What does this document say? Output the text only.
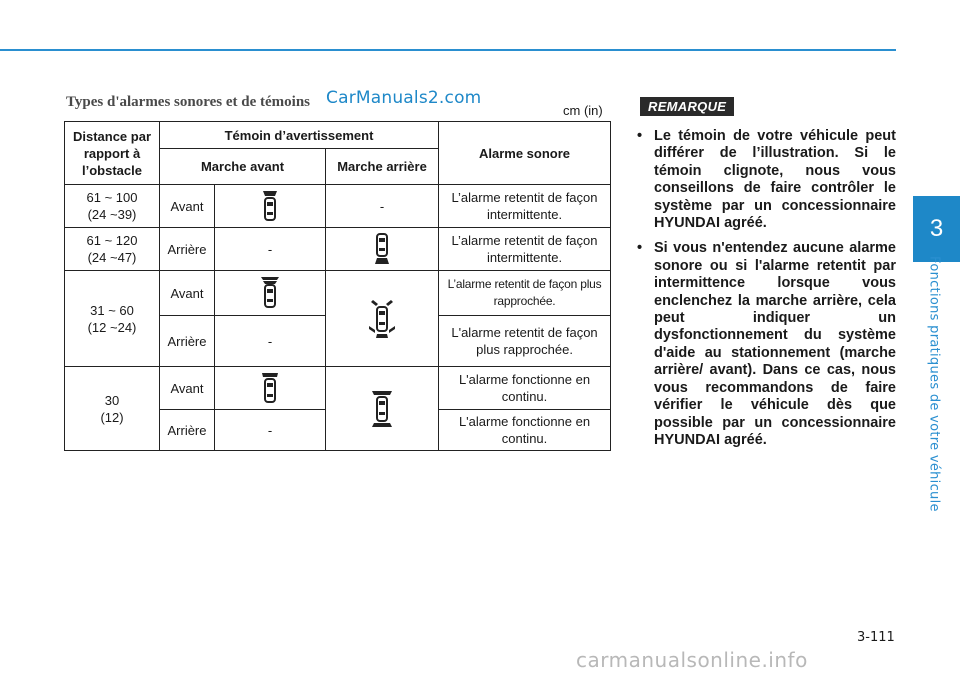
3
Fonctions pratiques de votre véhicule
Types d'alarmes sonores et de témoins CarManuals2.com
cm (in)
Distance par rapport à l’obstacle	Témoin d’avertissement			Alarme sonore
	Marche avant		Marche arrière	
61 ~ 100
(24 ~39)	Avant		-	L’alarme retentit de façon intermittente.
61 ~ 120
(24 ~47)	Arrière	-		L’alarme retentit de façon intermittente.
31 ~ 60
(12 ~24)	Avant			L’alarme retentit de façon plus rapprochée.
	Arrière	-		L'alarme retentit de façon plus rapprochée.
30
(12)	Avant			L'alarme fonctionne en continu.
	Arrière	-		L'alarme fonctionne en continu.
REMARQUE
• Le témoin de votre véhicule peut différer de l’illustration. Si le témoin clignote, nous vous conseillons de faire contrôler le système par un concessionnaire HYUNDAI agréé.
• Si vous n'entendez aucune alarme sonore ou si l'alarme retentit par intermittence lorsque vous enclenchez la marche arrière, cela peut indiquer un dysfonctionnement du système d'aide au stationnement (marche arrière/ avant). Dans ce cas, nous vous recommandons de faire vérifier le véhicule dès que possible par un concessionnaire HYUNDAI agréé.
3-111
carmanualsonline.info
